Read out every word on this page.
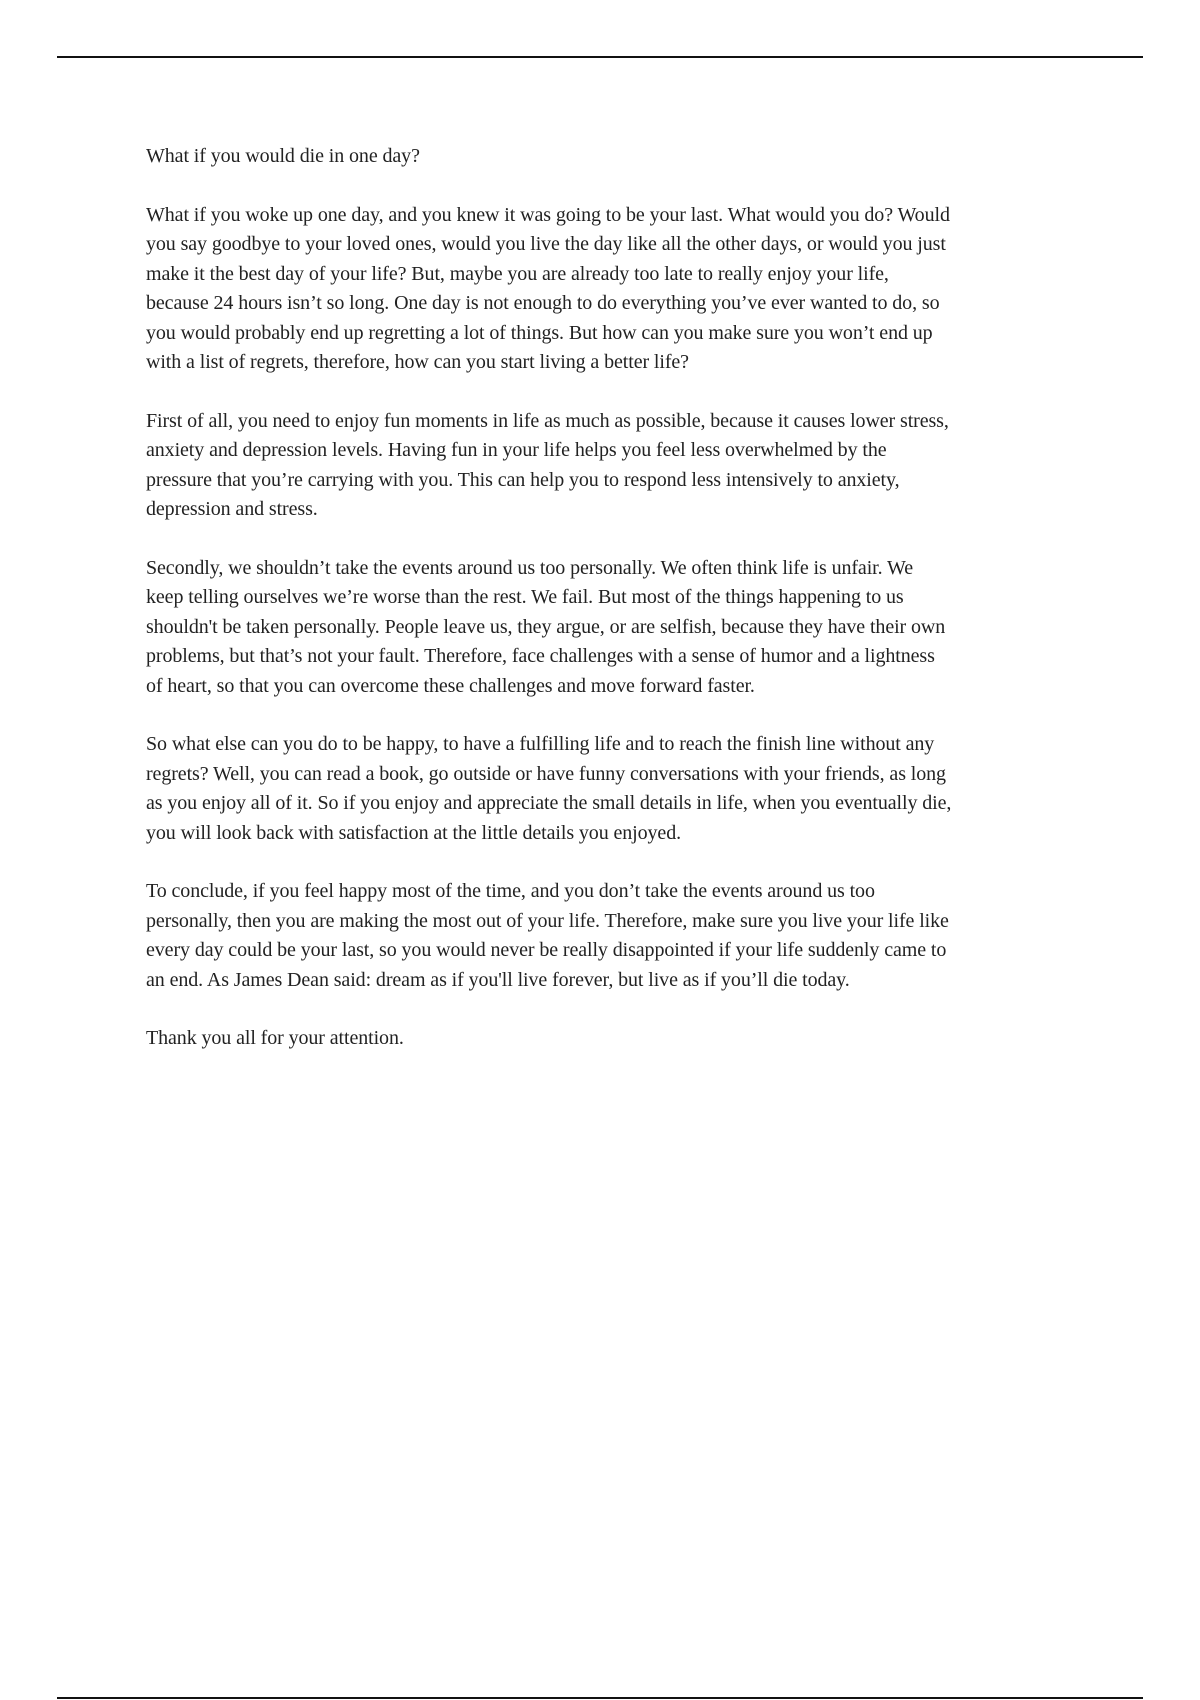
What if you would die in one day?

What if you woke up one day, and you knew it was going to be your last. What would you do? Would
you say goodbye to your loved ones, would you live the day like all the other days, or would you just
make it the best day of your life? But, maybe you are already too late to really enjoy your life,
because 24 hours isn’t so long. One day is not enough to do everything you’ve ever wanted to do, so
you would probably end up regretting a lot of things. But how can you make sure you won’t end up
with a list of regrets, therefore, how can you start living a better life?

First of all, you need to enjoy fun moments in life as much as possible, because it causes lower stress,
anxiety and depression levels. Having fun in your life helps you feel less overwhelmed by the
pressure that you’re carrying with you. This can help you to respond less intensively to anxiety,
depression and stress.

Secondly, we shouldn’t take the events around us too personally. We often think life is unfair. We
keep telling ourselves we’re worse than the rest. We fail. But most of the things happening to us
shouldn't be taken personally. People leave us, they argue, or are selfish, because they have their own
problems, but that’s not your fault. Therefore, face challenges with a sense of humor and a lightness
of heart, so that you can overcome these challenges and move forward faster.

So what else can you do to be happy, to have a fulfilling life and to reach the finish line without any
regrets? Well, you can read a book, go outside or have funny conversations with your friends, as long
as you enjoy all of it. So if you enjoy and appreciate the small details in life, when you eventually die,
you will look back with satisfaction at the little details you enjoyed.

To conclude, if you feel happy most of the time, and you don’t take the events around us too
personally, then you are making the most out of your life. Therefore, make sure you live your life like
every day could be your last, so you would never be really disappointed if your life suddenly came to
an end. As James Dean said: dream as if you'll live forever, but live as if you’ll die today.

Thank you all for your attention.
